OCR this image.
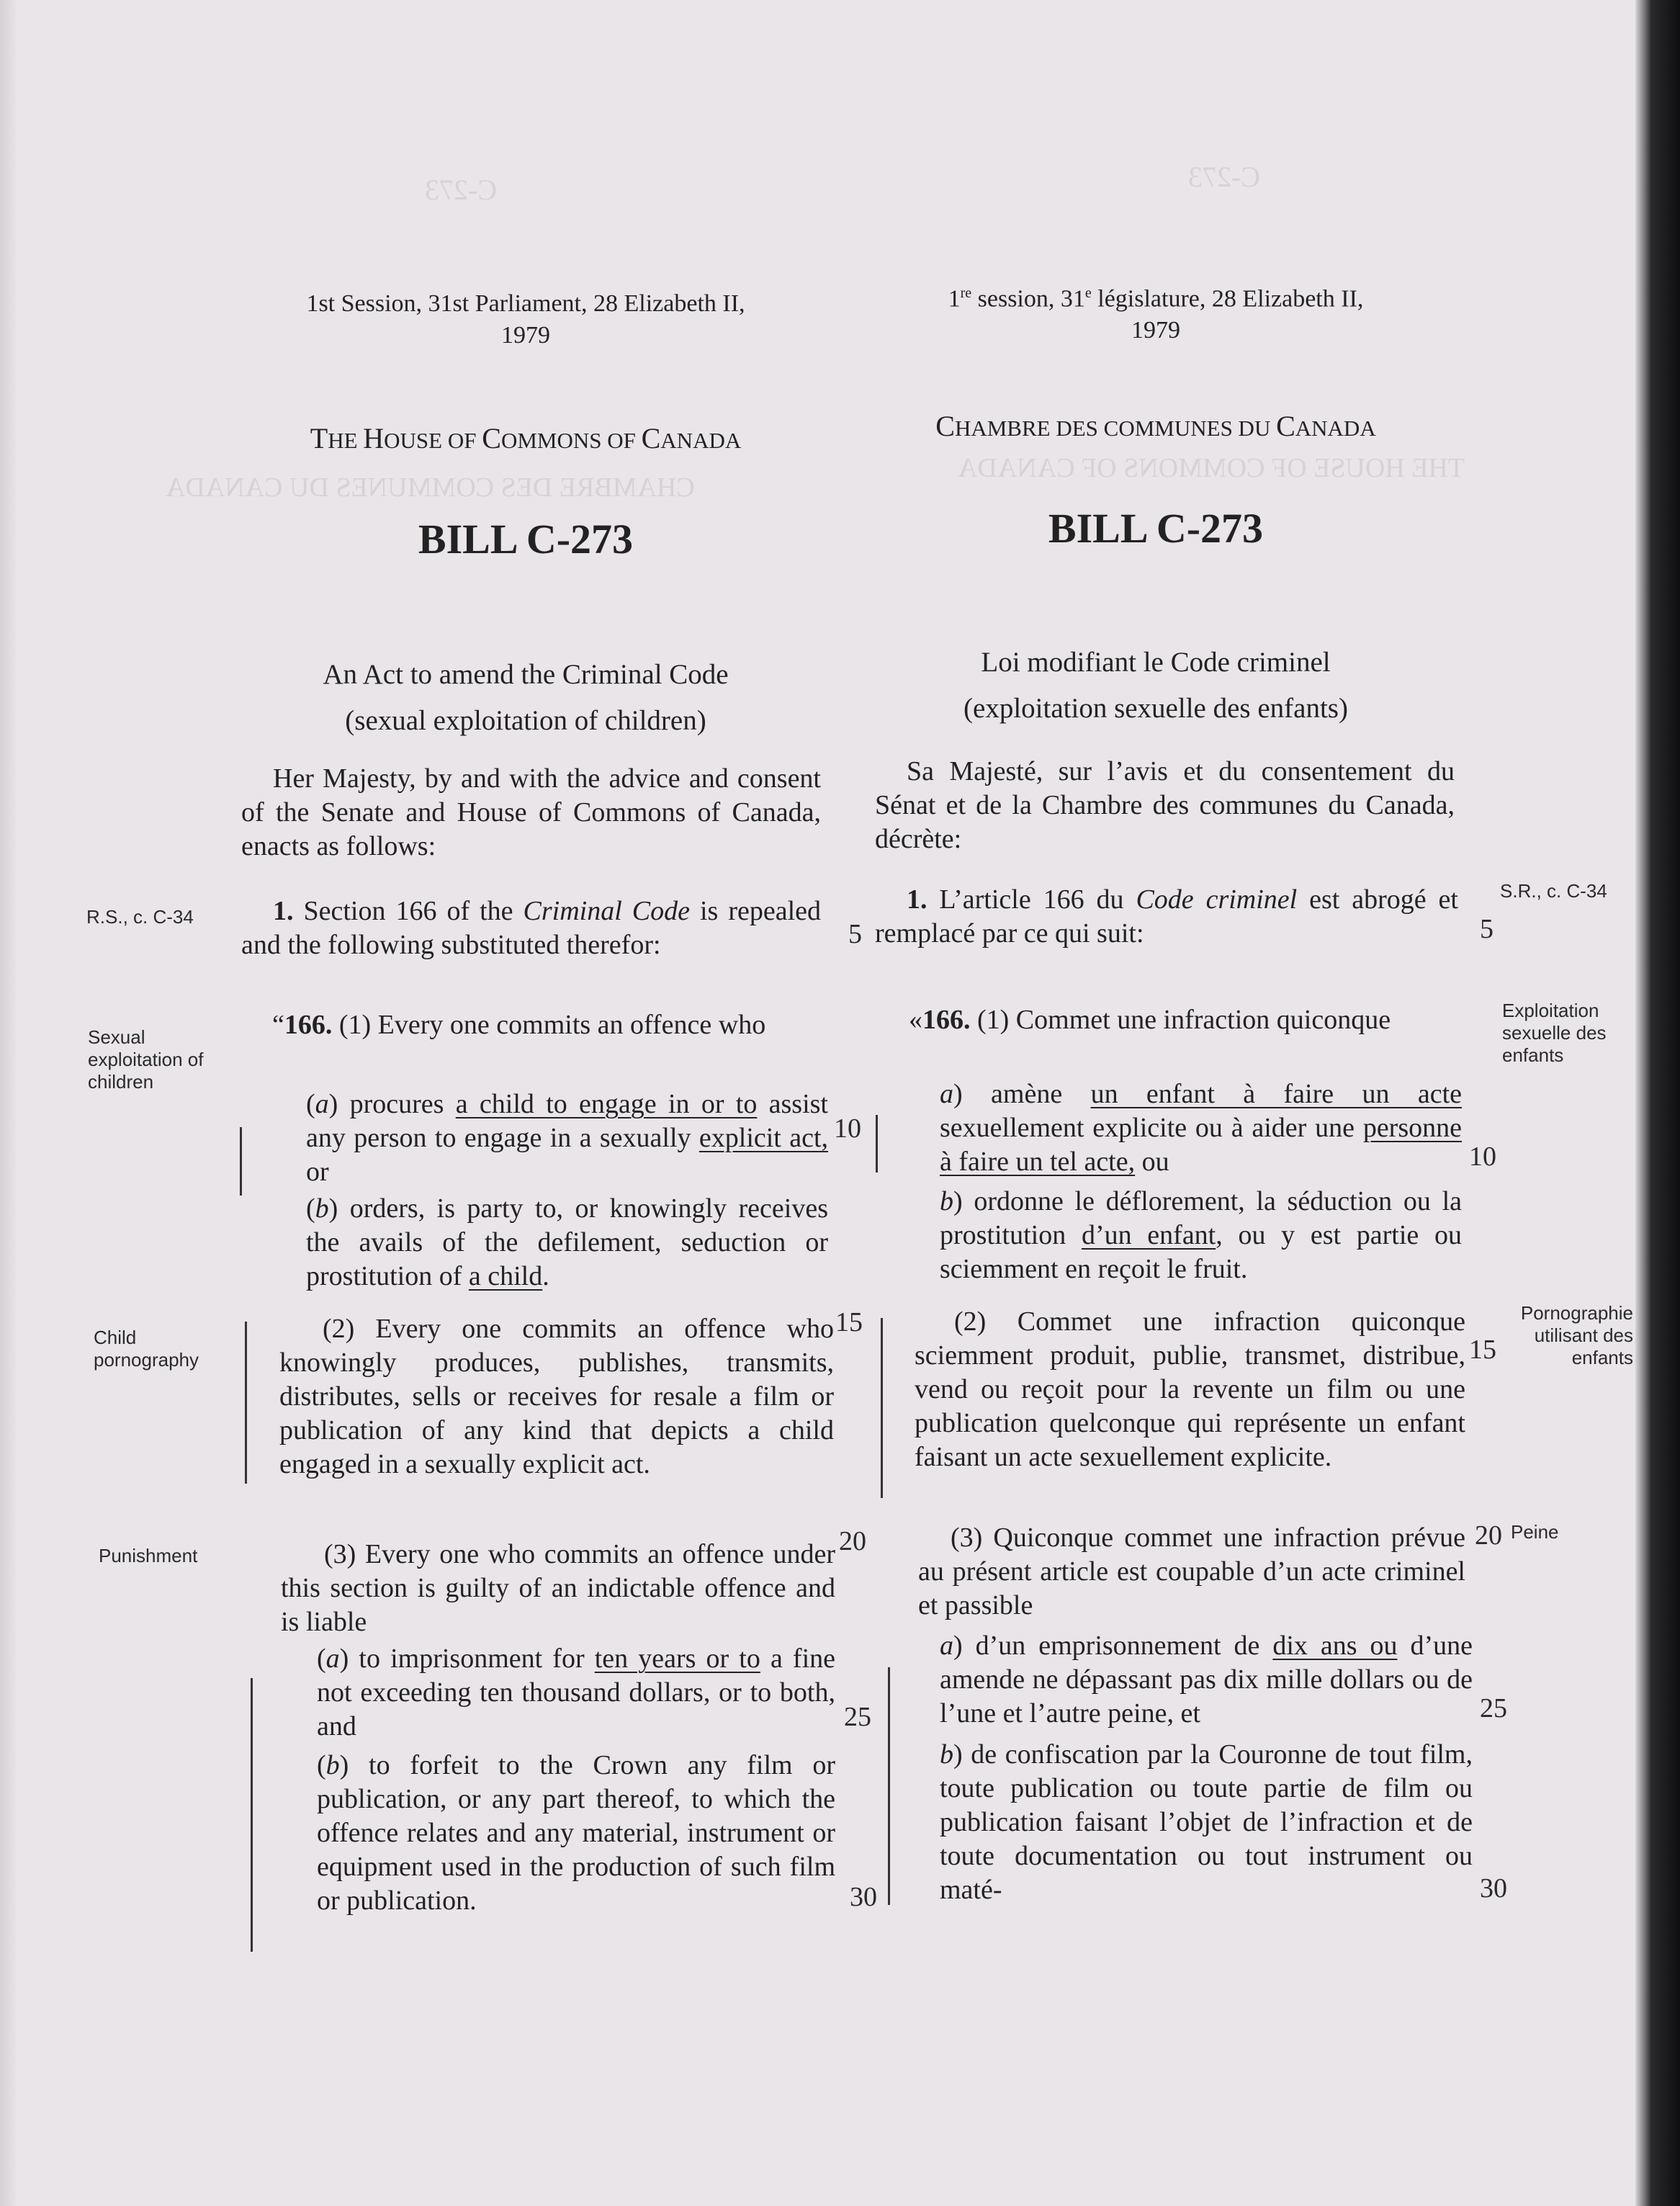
C-273	C-273
CHAMBRE DES COMMUNES DU CANADA
THE HOUSE OF COMMONS OF CANADA
1st Session, 31st Parliament, 28 Elizabeth II,
1979
THE HOUSE OF COMMONS OF CANADA
BILL C-273
An Act to amend the Criminal Code
(sexual exploitation of children)
Her Majesty, by and with the advice and consent of the Senate and House of Commons of Canada, enacts as follows:
1. Section 166 of the Criminal Code is repealed and the following substituted therefor:
“166. (1) Every one commits an offence who
(a) procures a child to engage in or to assist any person to engage in a sexually explicit act, or
(b) orders, is party to, or knowingly receives the avails of the defilement, seduction or prostitution of a child.
(2) Every one commits an offence who knowingly produces, publishes, transmits, distributes, sells or receives for resale a film or publication of any kind that depicts a child engaged in a sexually explicit act.
(3) Every one who commits an offence under this section is guilty of an indictable offence and is liable
(a) to imprisonment for ten years or to a fine not exceeding ten thousand dollars, or to both, and
(b) to forfeit to the Crown any film or publication, or any part thereof, to which the offence relates and any material, instrument or equipment used in the production of such film or publication.
R.S., c. C-34
Sexual exploitation of children
Child pornography
Punishment
1re session, 31e législature, 28 Elizabeth II,
1979
CHAMBRE DES COMMUNES DU CANADA
BILL C-273
Loi modifiant le Code criminel
(exploitation sexuelle des enfants)
Sa Majesté, sur l’avis et du consentement du Sénat et de la Chambre des communes du Canada, décrète:
1. L’article 166 du Code criminel est abrogé et remplacé par ce qui suit:
«166. (1) Commet une infraction quiconque
a) amène un enfant à faire un acte sexuellement explicite ou à aider une personne à faire un tel acte, ou
b) ordonne le déflorement, la séduction ou la prostitution d’un enfant, ou y est partie ou sciemment en reçoit le fruit.
(2) Commet une infraction quiconque sciemment produit, publie, transmet, distribue, vend ou reçoit pour la revente un film ou une publication quelconque qui représente un enfant faisant un acte sexuellement explicite.
(3) Quiconque commet une infraction prévue au présent article est coupable d’un acte criminel et passible
a) d’un emprisonnement de dix ans ou d’une amende ne dépassant pas dix mille dollars ou de l’une et l’autre peine, et
b) de confiscation par la Couronne de tout film, toute publication ou toute partie de film ou publication faisant l’objet de l’infraction et de toute documentation ou tout instrument ou maté-
S.R., c. C-34
Exploitation sexuelle des enfants
Pornographie utilisant des enfants
Peine
5	5
10
10
15
15
20	20
25	25
30	30
